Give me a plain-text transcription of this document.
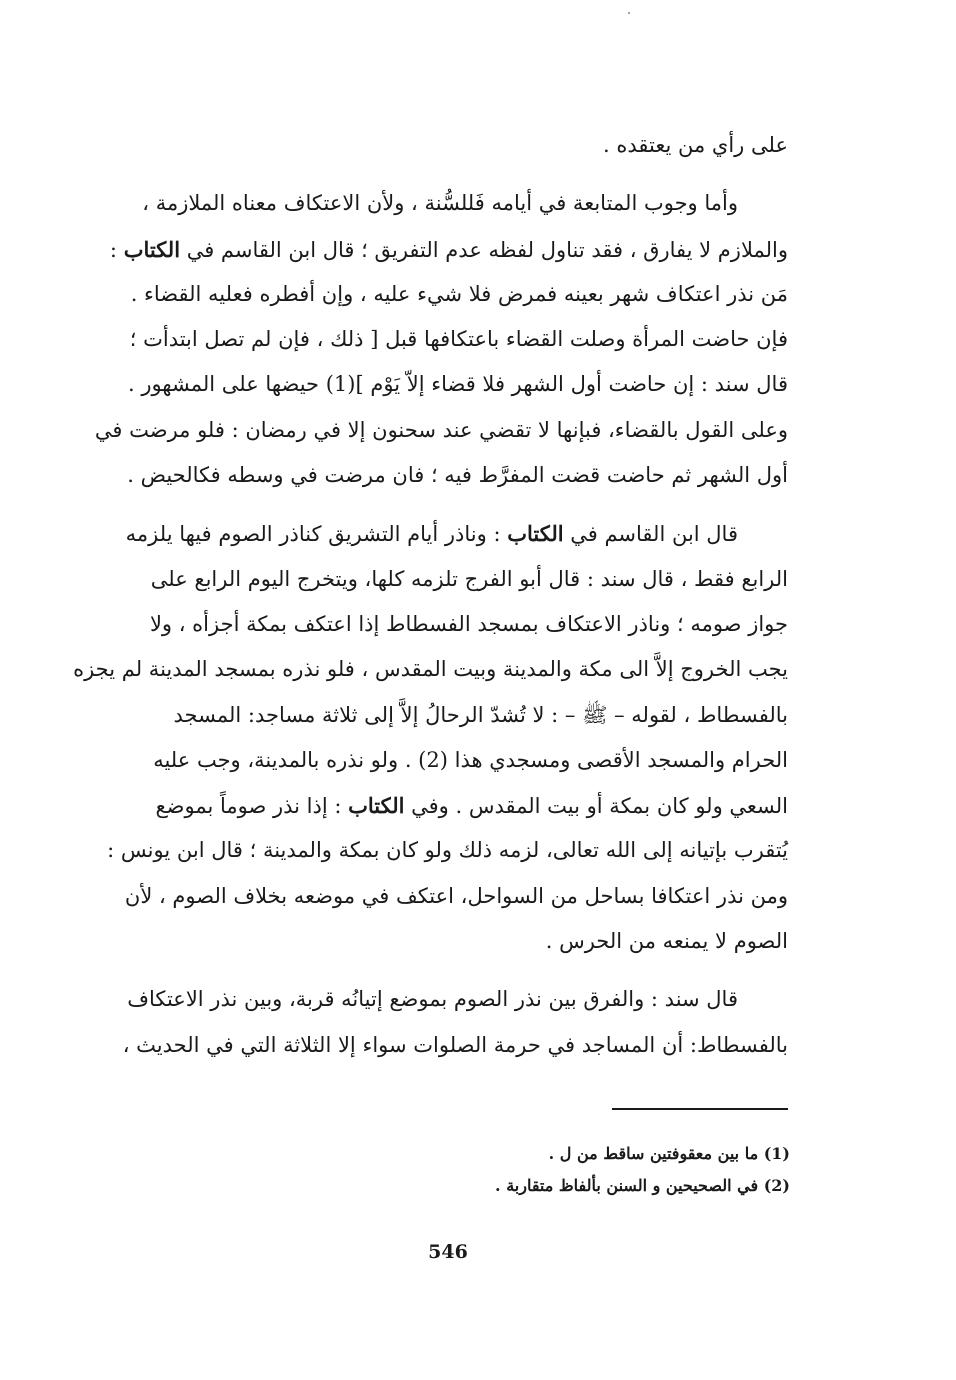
على رأي من يعتقده .
وأما وجوب المتابعة في أيامه فَللسُّنة ، ولأن الاعتكاف معناه الملازمة ،
والملازم لا يفارق ، فقد تناول لفظه عدم التفريق ؛ قال ابن القاسم في الكتاب :
مَن نذر اعتكاف شهر بعينه فمرض فلا شيء عليه ، وإن أفطره فعليه القضاء .
فإن حاضت المرأة وصلت القضاء باعتكافها قبل [ ذلك ، فإن لم تصل ابتدأت ؛
قال سند : إن حاضت أول الشهر فلا قضاء إلاّ يَوْم ](1) حيضها على المشهور .
وعلى القول بالقضاء، فبإنها لا تقضي عند سحنون إلا في رمضان : فلو مرضت في
أول الشهر ثم حاضت قضت المفرَّط فيه ؛ فان مرضت في وسطه فكالحيض .
قال ابن القاسم في الكتاب : وناذر أيام التشريق كناذر الصوم فيها يلزمه
الرابع فقط ، قال سند : قال أبو الفرج تلزمه كلها، ويتخرج اليوم الرابع على
جواز صومه ؛ وناذر الاعتكاف بمسجد الفسطاط إذا اعتكف بمكة أجزأه ، ولا
يجب الخروج إلاَّ الى مكة والمدينة وبيت المقدس ، فلو نذره بمسجد المدينة لم يجزه
بالفسطاط ، لقوله – ﷺ – : لا تُشدّ الرحالُ إلاَّ إلى ثلاثة مساجد: المسجد
الحرام والمسجد الأقصى ومسجدي هذا (2) . ولو نذره بالمدينة، وجب عليه
السعي ولو كان بمكة أو بيت المقدس . وفي الكتاب : إذا نذر صوماً بموضع
يُتقرب بإتيانه إلى الله تعالى، لزمه ذلك ولو كان بمكة والمدينة ؛ قال ابن يونس :
ومن نذر اعتكافا بساحل من السواحل، اعتكف في موضعه بخلاف الصوم ، لأن
الصوم لا يمنعه من الحرس .
قال سند : والفرق بين نذر الصوم بموضع إتيانُه قربة، وبين نذر الاعتكاف
بالفسطاط: أن المساجد في حرمة الصلوات سواء إلا الثلاثة التي في الحديث ،
(1) ما بين معقوفتين ساقط من ل .
(2) في الصحيحين و السنن بألفاظ متقاربة .
546
